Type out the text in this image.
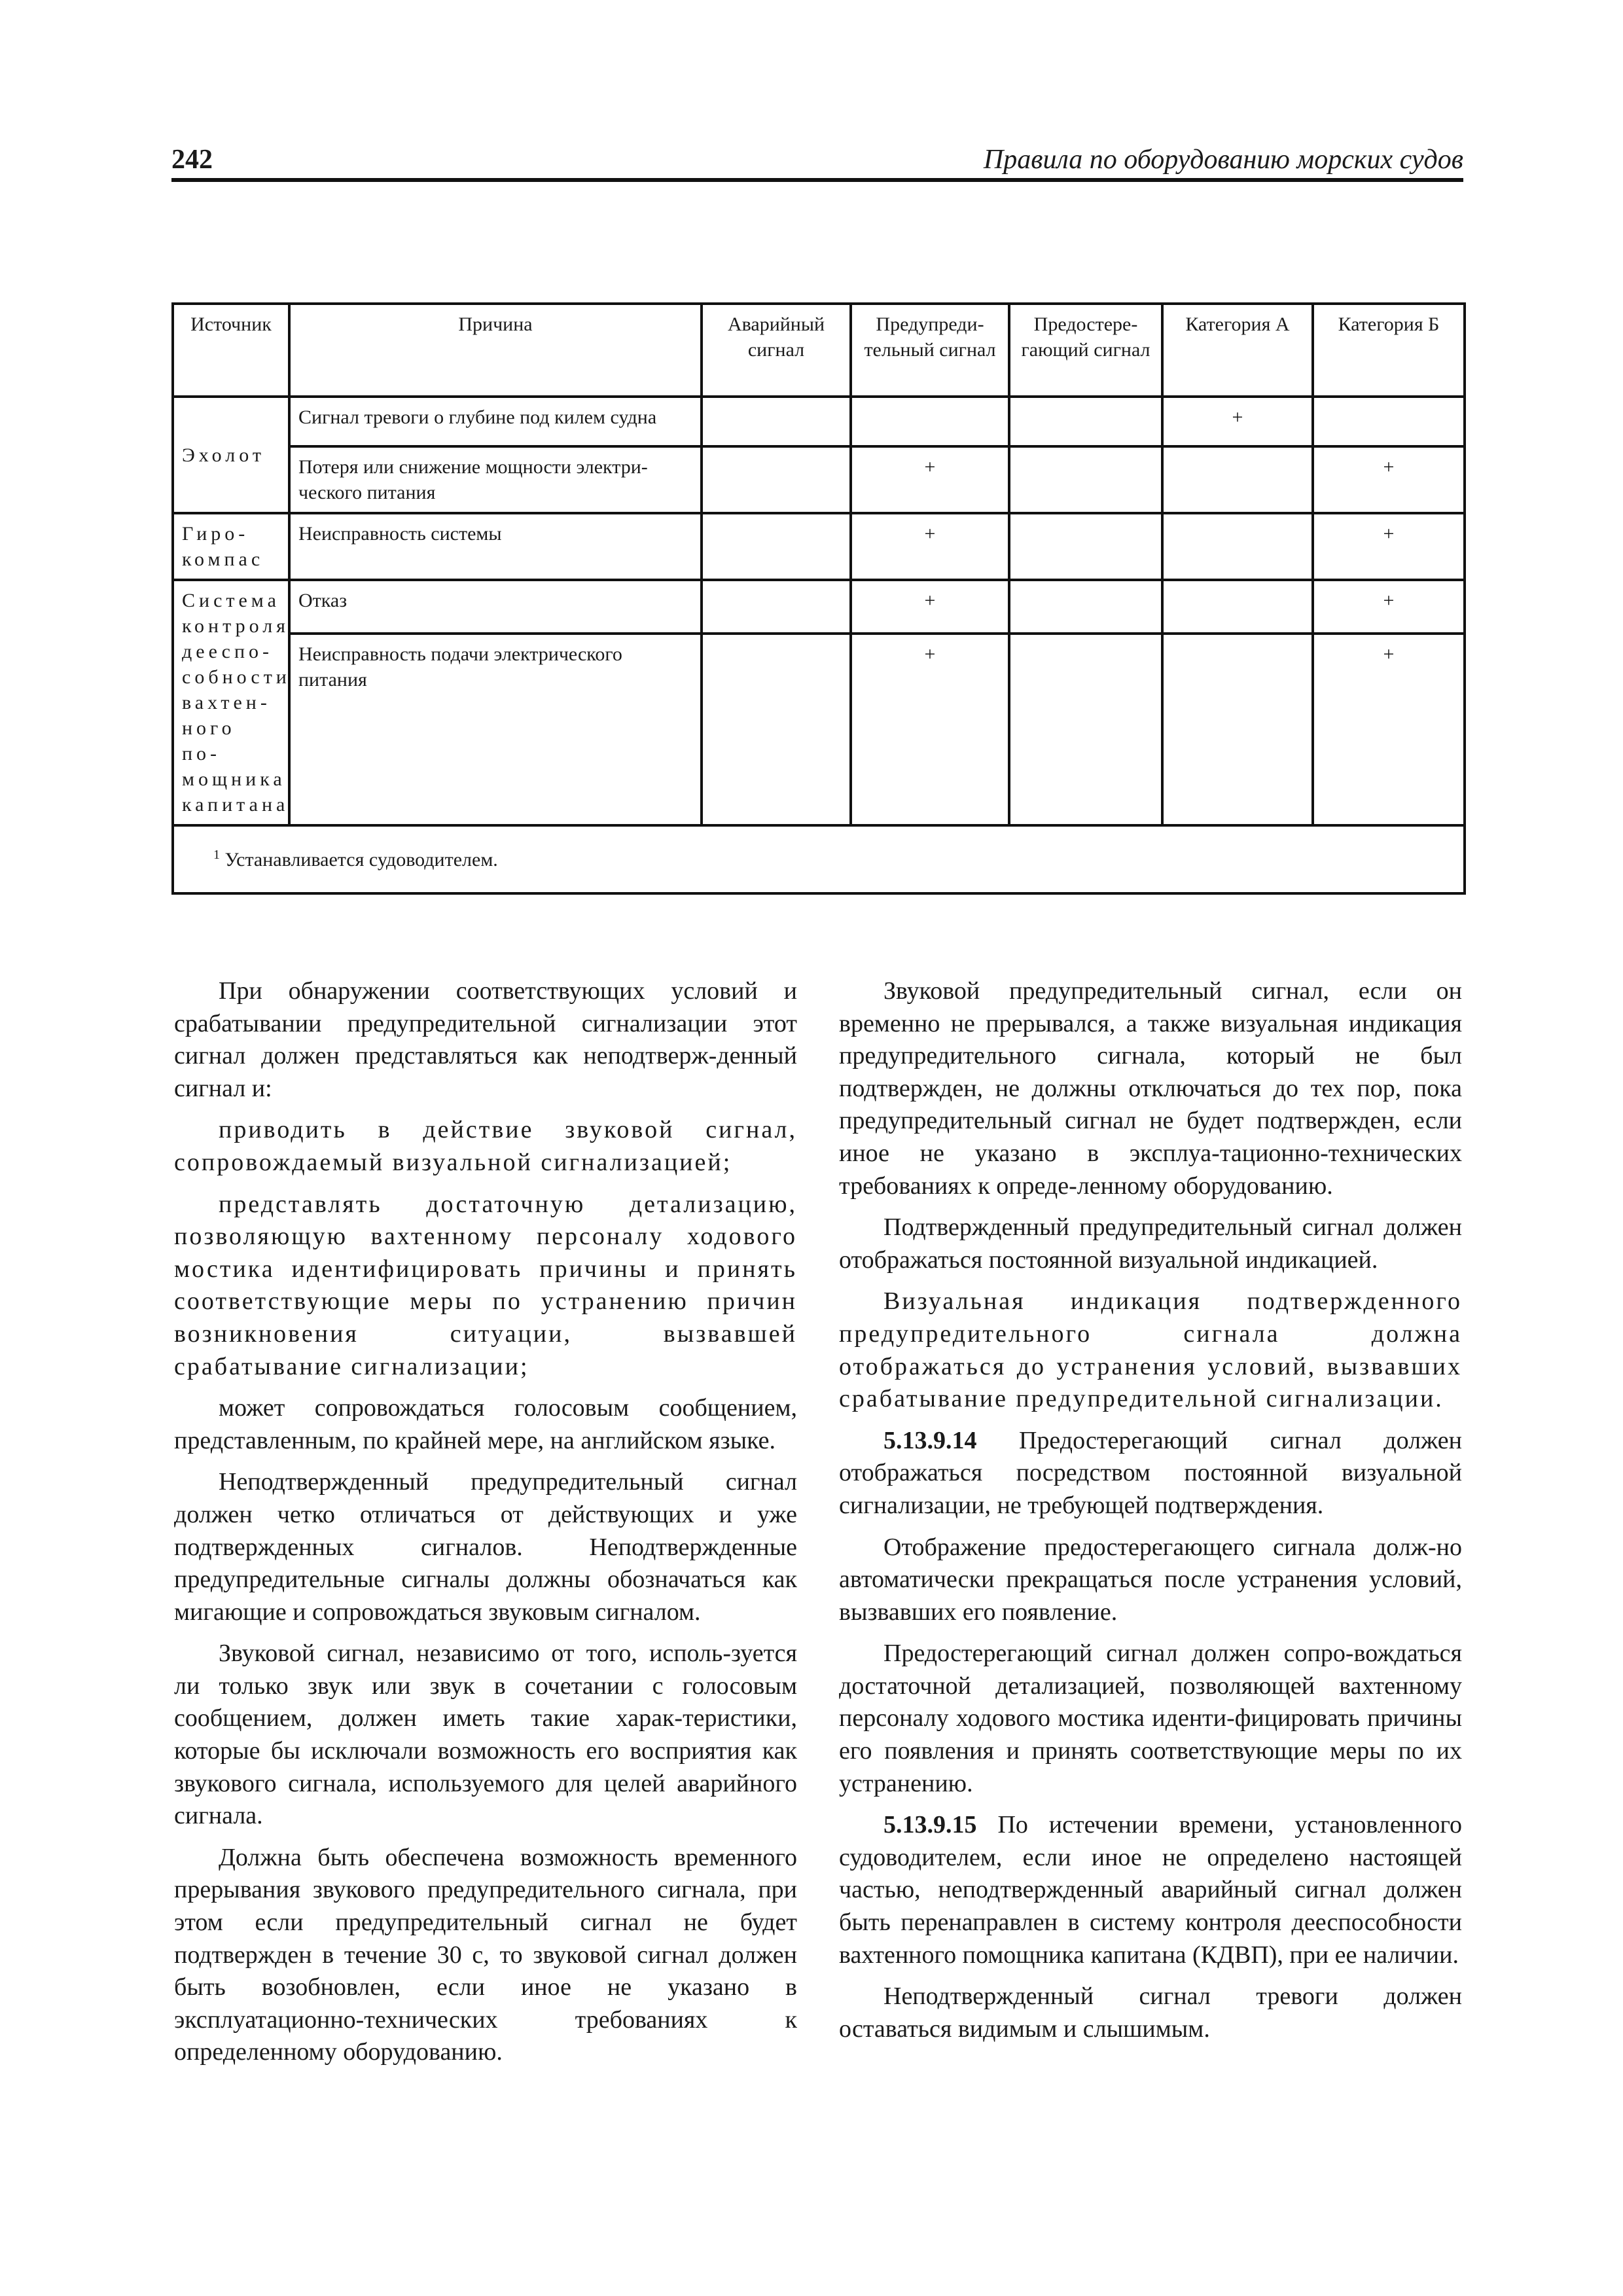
242	Правила по оборудованию морских судов
Источник	Причина	Аварийный сигнал	Предупреди-тельный сигнал	Предостере-гающий сигнал	Категория А	Категория Б
Эхолот	Сигнал тревоги о глубине под килем судна				+	
	Потеря или снижение мощности электри-ческого питания		+			+
Гиро-компас	Неисправность системы		+			+
Система контроля дееспо-собности вахтен-ного по-мощника капитана	Отказ		+			+
	Неисправность подачи электрического питания		+			+
$^1$ Устанавливается судоводителем.						

При обнаружении соответствующих условий и срабатывании предупредительной сигнализации этот сигнал должен представляться как неподтверж-денный сигнал и:

приводить в действие звуковой сигнал, сопровождаемый визуальной сигнализацией;

представлять достаточную детализацию, позволяющую вахтенному персоналу ходового мостика идентифицировать причины и принять соответствующие меры по устранению причин возникновения ситуации, вызвавшей срабатывание сигнализации;

может сопровождаться голосовым сообщением, представленным, по крайней мере, на английском языке.

Неподтвержденный предупредительный сигнал должен четко отличаться от действующих и уже подтвержденных сигналов. Неподтвержденные предупредительные сигналы должны обозначаться как мигающие и сопровождаться звуковым сигналом.

Звуковой сигнал, независимо от того, исполь-зуется ли только звук или звук в сочетании с голосовым сообщением, должен иметь такие харак-теристики, которые бы исключали возможность его восприятия как звукового сигнала, используемого для целей аварийного сигнала.

Должна быть обеспечена возможность временного прерывания звукового предупредительного сигнала, при этом если предупредительный сигнал не будет подтвержден в течение 30 с, то звуковой сигнал должен быть возобновлен, если иное не указано в эксплуатационно-технических требованиях к определенному оборудованию.

Звуковой предупредительный сигнал, если он временно не прерывался, а также визуальная индикация предупредительного сигнала, который не был подтвержден, не должны отключаться до тех пор, пока предупредительный сигнал не будет подтвержден, если иное не указано в эксплуа-тационно-технических требованиях к опреде-ленному оборудованию.

Подтвержденный предупредительный сигнал должен отображаться постоянной визуальной индикацией.

Визуальная индикация подтвержденного предупредительного сигнала должна отображаться до устранения условий, вызвавших срабатывание предупредительной сигнализации.

5.13.9.14 Предостерегающий сигнал должен отображаться посредством постоянной визуальной сигнализации, не требующей подтверждения.

Отображение предостерегающего сигнала долж-но автоматически прекращаться после устранения условий, вызвавших его появление.

Предостерегающий сигнал должен сопро-вождаться достаточной детализацией, позволяющей вахтенному персоналу ходового мостика иденти-фицировать причины его появления и принять соответствующие меры по их устранению.

5.13.9.15 По истечении времени, установленного судоводителем, если иное не определено настоящей частью, неподтвержденный аварийный сигнал должен быть перенаправлен в систему контроля дееспособности вахтенного помощника капитана (КДВП), при ее наличии.

Неподтвержденный сигнал тревоги должен оставаться видимым и слышимым.
